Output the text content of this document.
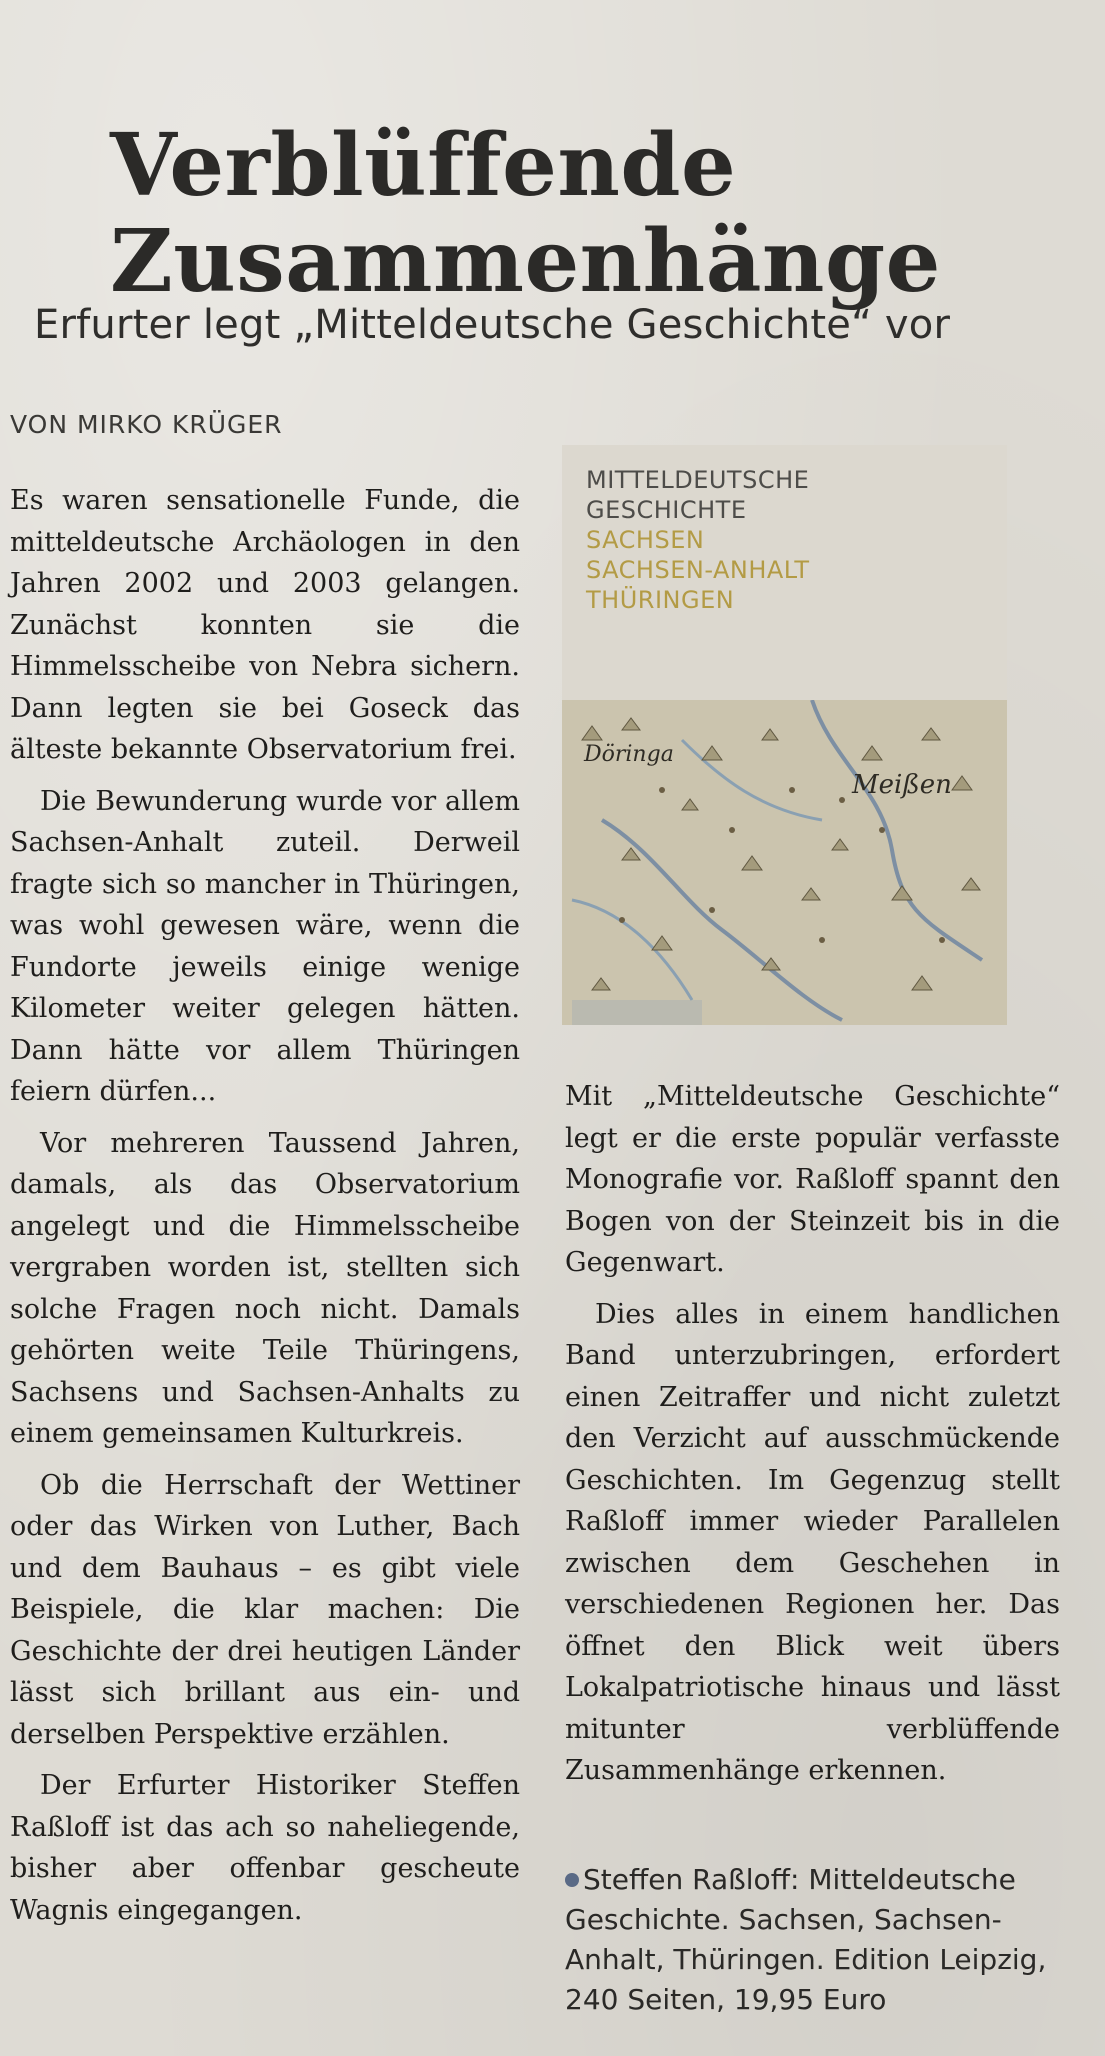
Verblüffende
Zusammenhänge
Erfurter legt „Mitteldeutsche Geschichte“ vor
VON MIRKO KRÜGER

Es waren sensationelle Funde, die mitteldeutsche Archäologen in den Jahren 2002 und 2003 gelangen. Zunächst konnten sie die Himmelsscheibe von Nebra sichern. Dann legten sie bei Goseck das älteste bekannte Observatorium frei.

Die Bewunderung wurde vor allem Sachsen-Anhalt zuteil. Derweil fragte sich so mancher in Thüringen, was wohl gewesen wäre, wenn die Fundorte jeweils einige wenige Kilometer weiter gelegen hätten. Dann hätte vor allem Thüringen feiern dürfen...

Vor mehreren Taussend Jahren, damals, als das Observatorium angelegt und die Himmelsscheibe vergraben worden ist, stellten sich solche Fragen noch nicht. Damals gehörten weite Teile Thüringens, Sachsens und Sachsen-Anhalts zu einem gemeinsamen Kulturkreis.

Ob die Herrschaft der Wettiner oder das Wirken von Luther, Bach und dem Bauhaus – es gibt viele Beispiele, die klar machen: Die Geschichte der drei heutigen Länder lässt sich brillant aus ein- und derselben Perspektive erzählen.

Der Erfurter Historiker Steffen Raßloff ist das ach so naheliegende, bisher aber offenbar gescheute Wagnis eingegangen.

MITTELDEUTSCHE
GESCHICHTE
SACHSEN
SACHSEN-ANHALT
THÜRINGEN
Döringa
Meißen

Mit „Mitteldeutsche Geschichte“ legt er die erste populär verfasste Monografie vor. Raßloff spannt den Bogen von der Steinzeit bis in die Gegenwart.

Dies alles in einem handlichen Band unterzubringen, erfordert einen Zeitraffer und nicht zuletzt den Verzicht auf ausschmückende Geschichten. Im Gegenzug stellt Raßloff immer wieder Parallelen zwischen dem Geschehen in verschiedenen Regionen her. Das öffnet den Blick weit übers Lokalpatriotische hinaus und lässt mitunter verblüffende Zusammenhänge erkennen.

Steffen Raßloff: Mitteldeutsche Geschichte. Sachsen, Sachsen-Anhalt, Thüringen. Edition Leipzig, 240 Seiten, 19,95 Euro
